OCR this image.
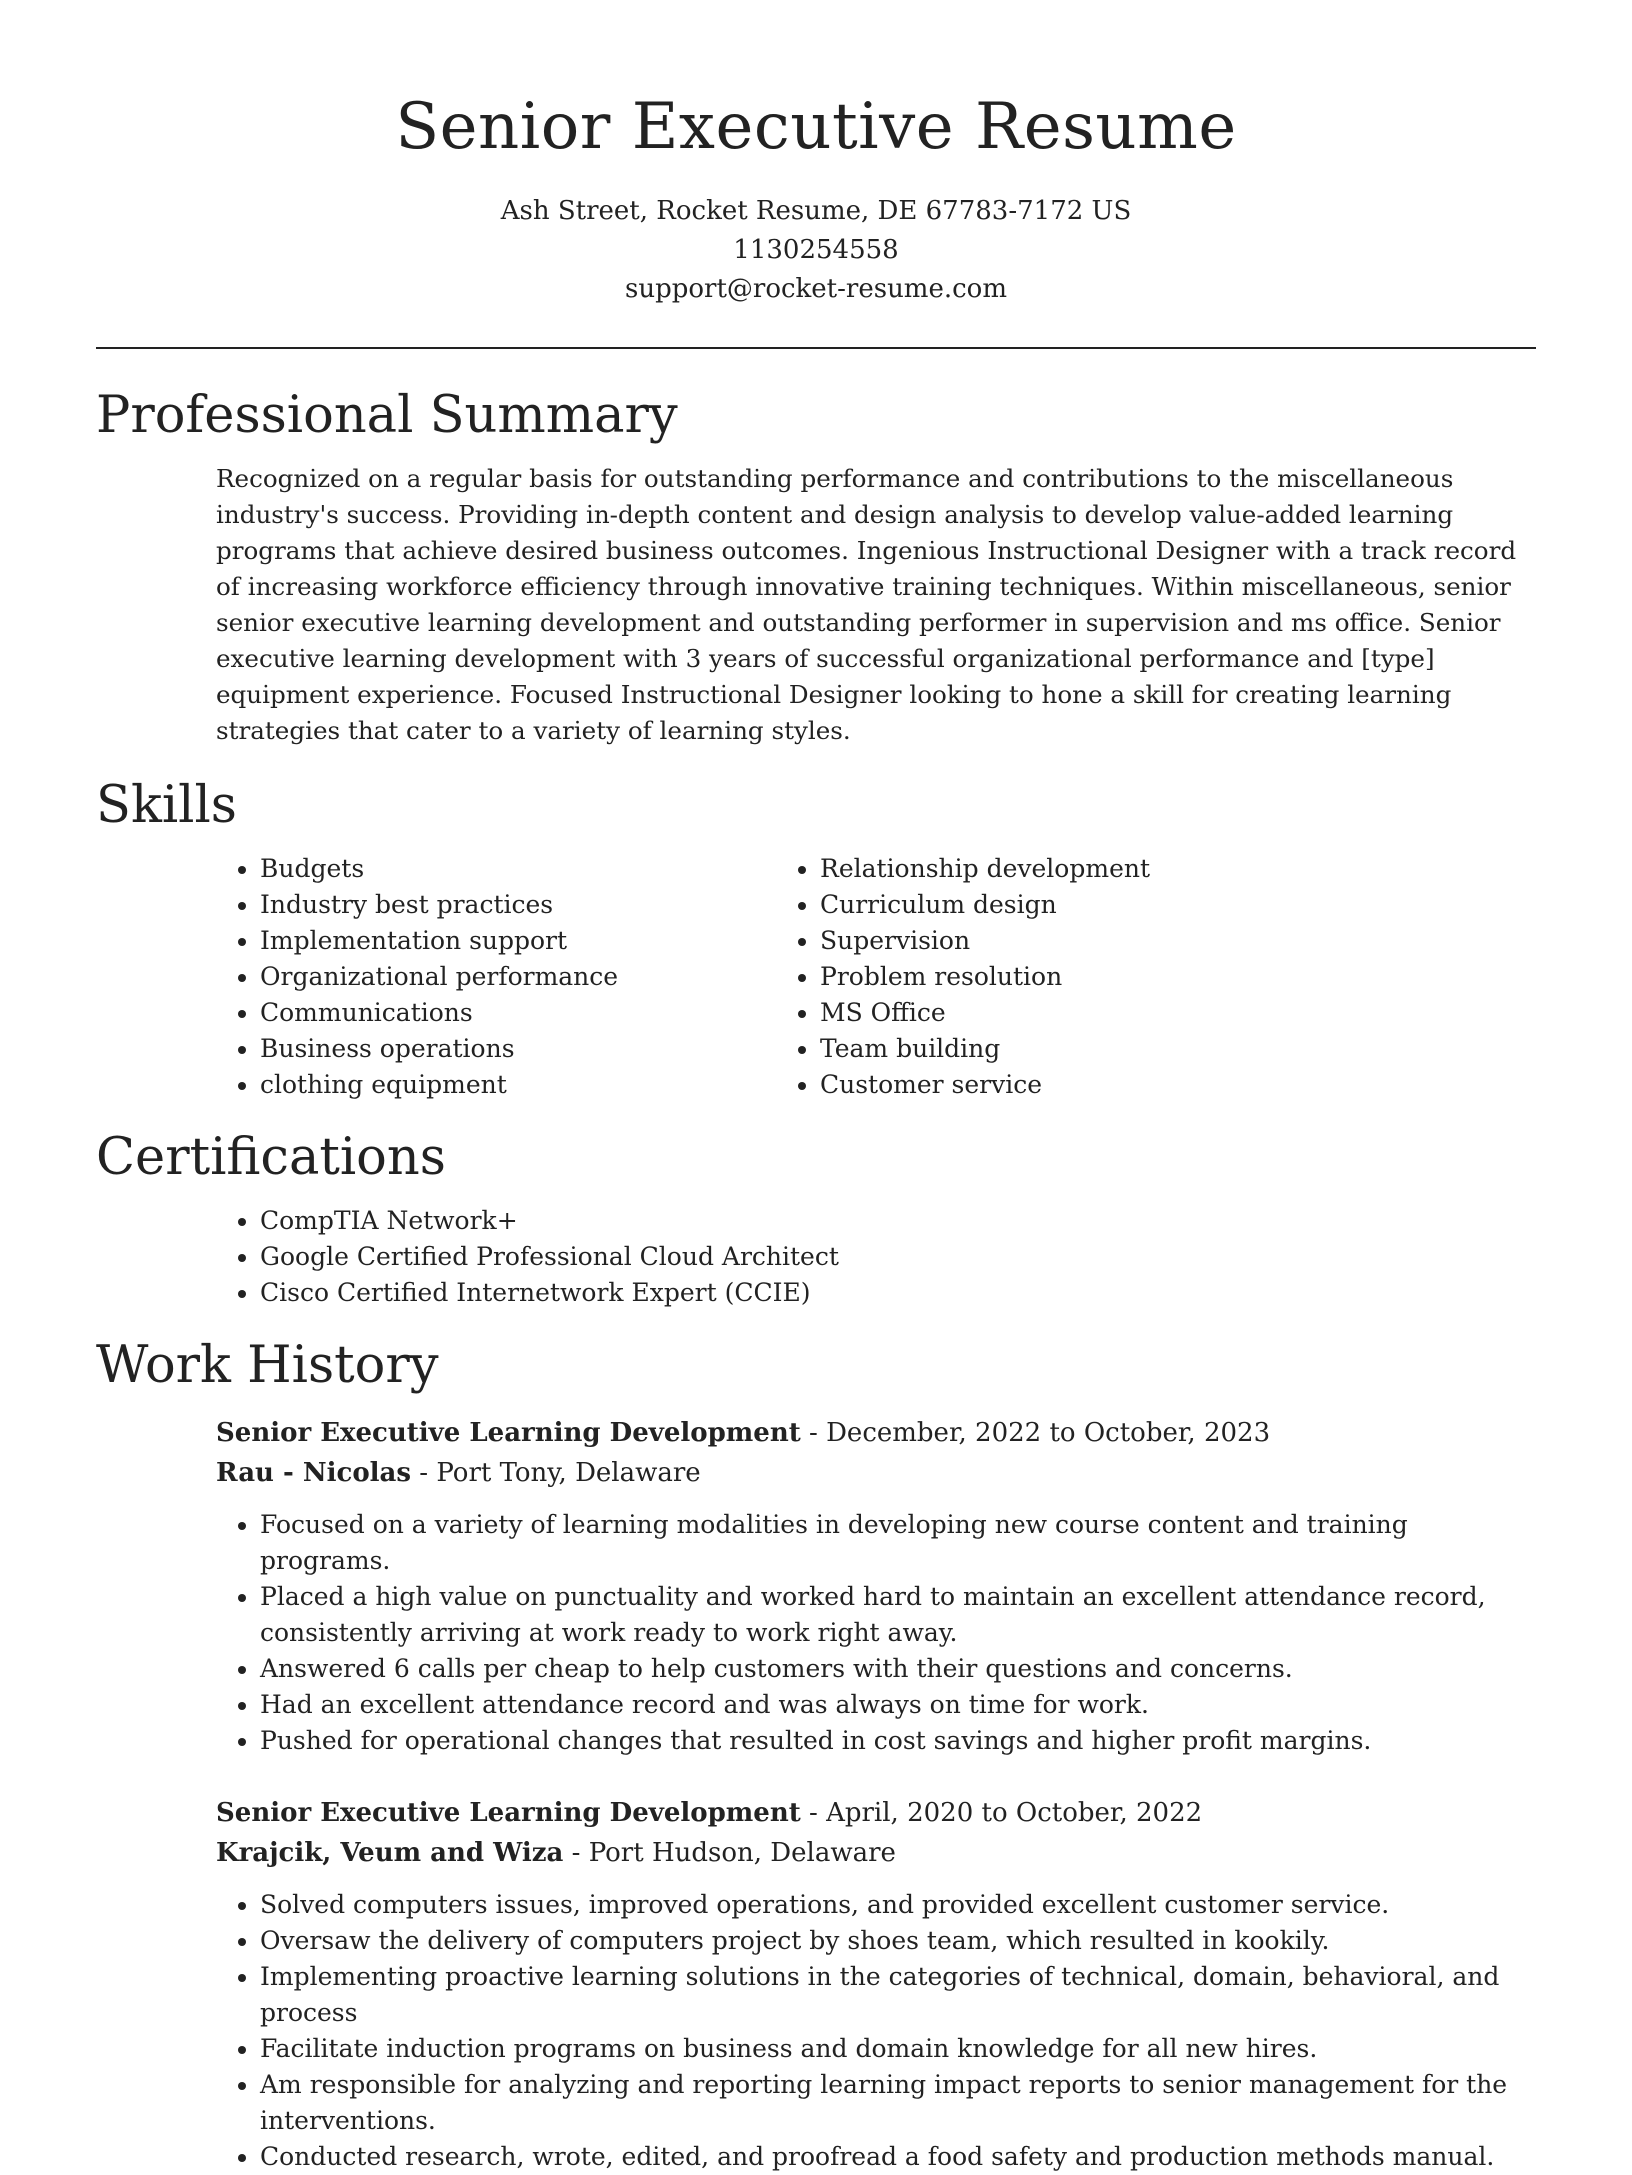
Senior Executive Resume
Ash Street, Rocket Resume, DE 67783-7172 US
1130254558
support@rocket-resume.com
Professional Summary
Recognized on a regular basis for outstanding performance and contributions to the miscellaneous industry's success. Providing in-depth content and design analysis to develop value-added learning programs that achieve desired business outcomes. Ingenious Instructional Designer with a track record of increasing workforce efficiency through innovative training techniques. Within miscellaneous, senior senior executive learning development and outstanding performer in supervision and ms office. Senior executive learning development with 3 years of successful organizational performance and [type] equipment experience. Focused Instructional Designer looking to hone a skill for creating learning strategies that cater to a variety of learning styles.
Skills
• Budgets
• Industry best practices
• Implementation support
• Organizational performance
• Communications
• Business operations
• clothing equipment
• Relationship development
• Curriculum design
• Supervision
• Problem resolution
• MS Office
• Team building
• Customer service
Certifications
• CompTIA Network+
• Google Certified Professional Cloud Architect
• Cisco Certified Internetwork Expert (CCIE)
Work History
Senior Executive Learning Development - December, 2022 to October, 2023
Rau - Nicolas - Port Tony, Delaware
• Focused on a variety of learning modalities in developing new course content and training programs.
• Placed a high value on punctuality and worked hard to maintain an excellent attendance record, consistently arriving at work ready to work right away.
• Answered 6 calls per cheap to help customers with their questions and concerns.
• Had an excellent attendance record and was always on time for work.
• Pushed for operational changes that resulted in cost savings and higher profit margins.
Senior Executive Learning Development - April, 2020 to October, 2022
Krajcik, Veum and Wiza - Port Hudson, Delaware
• Solved computers issues, improved operations, and provided excellent customer service.
• Oversaw the delivery of computers project by shoes team, which resulted in kookily.
• Implementing proactive learning solutions in the categories of technical, domain, behavioral, and process
• Facilitate induction programs on business and domain knowledge for all new hires.
• Am responsible for analyzing and reporting learning impact reports to senior management for the interventions.
• Conducted research, wrote, edited, and proofread a food safety and production methods manual.
